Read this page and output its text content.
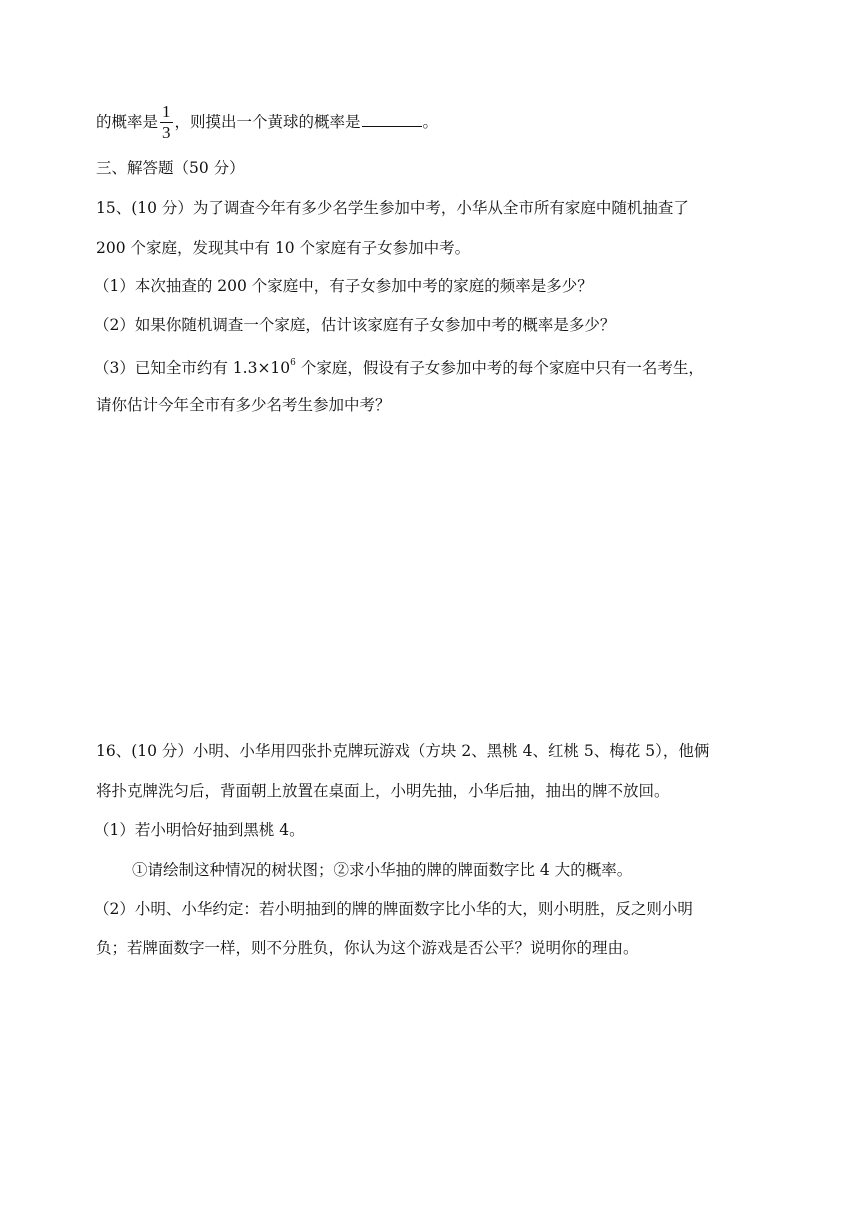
的概率是 $\frac{1}{3}$ ，则摸出一个黄球的概率是	。
三、解答题（50 分）
15、(10 分）为了调查今年有多少名学生参加中考，小华从全市所有家庭中随机抽查了
200 个家庭，发现其中有 10 个家庭有子女参加中考。
（1）本次抽查的 200 个家庭中，有子女参加中考的家庭的频率是多少？
（2）如果你随机调查一个家庭，估计该家庭有子女参加中考的概率是多少？
（3）已知全市约有 $1.3\times 10^6$ 个家庭，假设有子女参加中考的每个家庭中只有一名考生，
请你估计今年全市有多少名考生参加中考？
16、(10 分）小明、小华用四张扑克牌玩游戏（方块 2、黑桃 4、红桃 5、梅花 5），他俩
将扑克牌洗匀后，背面朝上放置在桌面上，小明先抽，小华后抽，抽出的牌不放回。
（1）若小明恰好抽到黑桃 4。
①请绘制这种情况的树状图；②求小华抽的牌的牌面数字比 4 大的概率。
（2）小明、小华约定：若小明抽到的牌的牌面数字比小华的大，则小明胜，反之则小明
负；若牌面数字一样，则不分胜负，你认为这个游戏是否公平？说明你的理由。
